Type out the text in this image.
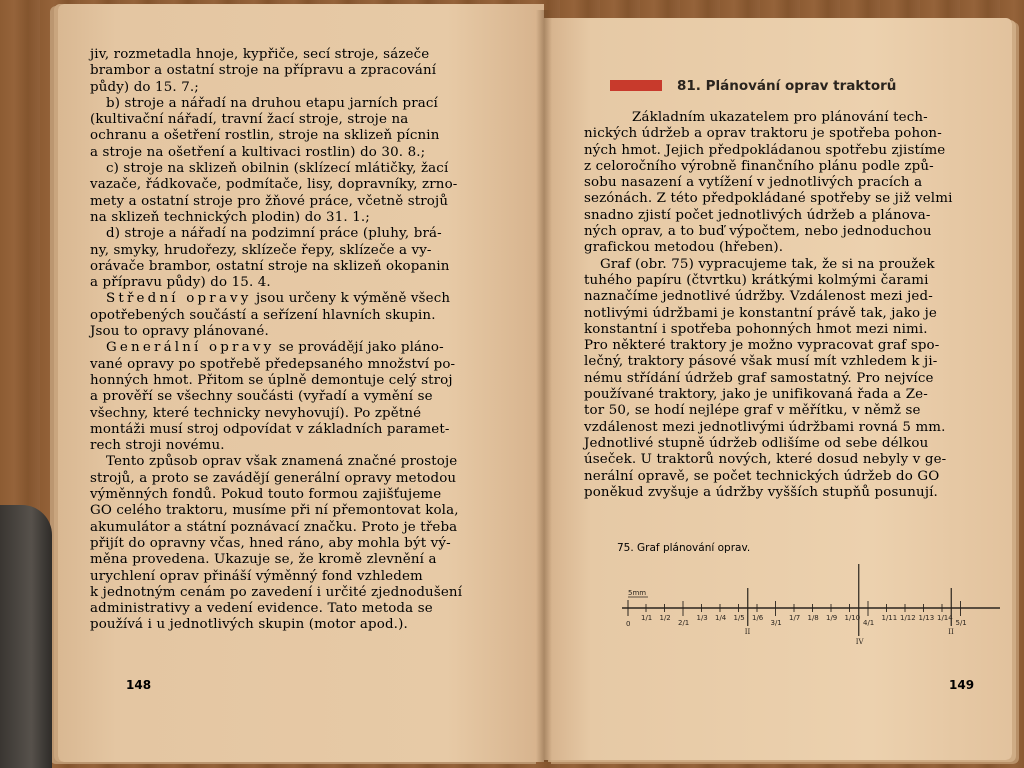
jiv, rozmetadla hnoje, kypřiče, secí stroje, sázeče

brambor a ostatní stroje na přípravu a zpracování

půdy) do 15. 7.;

b) stroje a nářadí na druhou etapu jarních prací

(kultivační nářadí, travní žací stroje, stroje na

ochranu a ošetření rostlin, stroje na sklizeň pícnin

a stroje na ošetření a kultivaci rostlin) do 30. 8.;

c) stroje na sklizeň obilnin (sklízecí mlátičky, žací

vazače, řádkovače, podmítače, lisy, dopravníky, zrno-

mety a ostatní stroje pro žňové práce, včetně strojů

na sklizeň technických plodin) do 31. 1.;

d) stroje a nářadí na podzimní práce (pluhy, brá-

ny, smyky, hrudořezy, sklízeče řepy, sklízeče a vy-

orávače brambor, ostatní stroje na sklizeň okopanin

a přípravu půdy) do 15. 4.

Střední opravy jsou určeny k výměně všech

opotřebených součástí a seřízení hlavních skupin.

Jsou to opravy plánované.

Generální opravy se provádějí jako pláno-

vané opravy po spotřebě předepsaného množství po-

honných hmot. Přitom se úplně demontuje celý stroj

a prověří se všechny součásti (vyřadí a vymění se

všechny, které technicky nevyhovují). Po zpětné

montáži musí stroj odpovídat v základních paramet-

rech stroji novému.

Tento způsob oprav však znamená značné prostoje

strojů, a proto se zavádějí generální opravy metodou

výměnných fondů. Pokud touto formou zajišťujeme

GO celého traktoru, musíme při ní přemontovat kola,

akumulátor a státní poznávací značku. Proto je třeba

přijít do opravny včas, hned ráno, aby mohla být vý-

měna provedena. Ukazuje se, že kromě zlevnění a

urychlení oprav přináší výměnný fond vzhledem

k jednotným cenám po zavedení i určité zjednodušení

administrativy a vedení evidence. Tato metoda se

používá i u jednotlivých skupin (motor apod.).

148
81. Plánování oprav traktorů

Základním ukazatelem pro plánování tech-

nických údržeb a oprav traktoru je spotřeba pohon-

ných hmot. Jejich předpokládanou spotřebu zjistíme

z celoročního výrobně finančního plánu podle způ-

sobu nasazení a vytížení v jednotlivých pracích a

sezónách. Z této předpokládané spotřeby se již velmi

snadno zjistí počet jednotlivých údržeb a plánova-

ných oprav, a to buď výpočtem, nebo jednoduchou

grafickou metodou (hřeben).

Graf (obr. 75) vypracujeme tak, že si na proužek

tuhého papíru (čtvrtku) krátkými kolmými čarami

naznačíme jednotlivé údržby. Vzdálenost mezi jed-

notlivými údržbami je konstantní právě tak, jako je

konstantní i spotřeba pohonných hmot mezi nimi.

Pro některé traktory je možno vypracovat graf spo-

lečný, traktory pásové však musí mít vzhledem k ji-

nému střídání údržeb graf samostatný. Pro nejvíce

používané traktory, jako je unifikovaná řada a Ze-

tor 50, se hodí nejlépe graf v měřítku, v němž se

vzdálenost mezi jednotlivými údržbami rovná 5 mm.

Jednotlivé stupně údržeb odlišíme od sebe délkou

úseček. U traktorů nových, které dosud nebyly v ge-

nerální opravě, se počet technických údržeb do GO

poněkud zvyšuje a údržby vyšších stupňů posunují.

75. Graf plánování oprav.
5mm
0
1/1 1/2
2/1
1/3 1/4 1/5
II
1/6
3/1
1/7 1/8 1/9 1/10
IV
4/1
1/11 1/12 1/13 1/14
II
5/1
149
